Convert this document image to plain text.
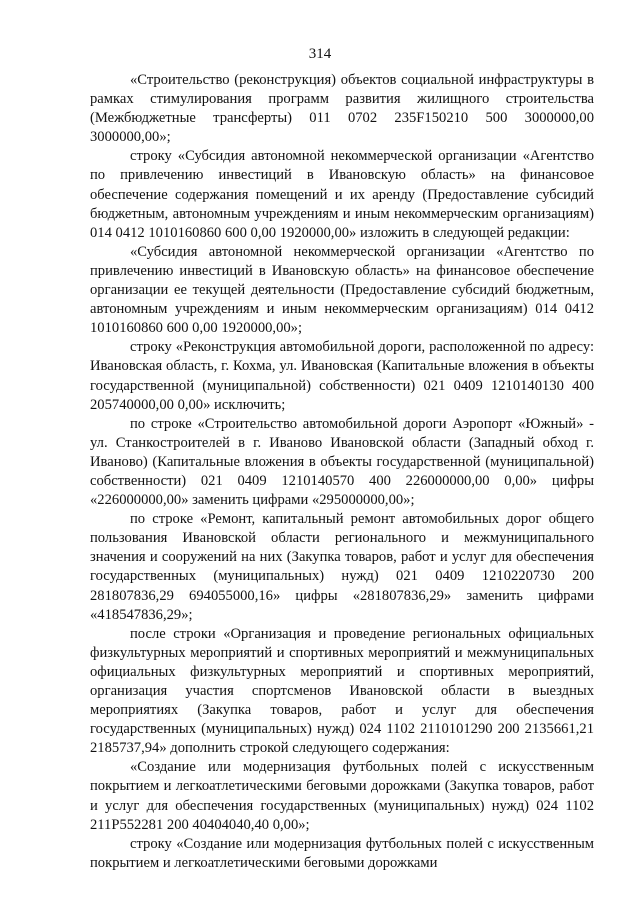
314

«Строительство (реконструкция) объектов социальной инфраструктуры в рамках стимулирования программ развития жилищного строительства (Межбюджетные трансферты) 011 0702 235F150210 500 3000000,00 3000000,00»;

строку «Субсидия автономной некоммерческой организации «Агентство по привлечению инвестиций в Ивановскую область» на финансовое обеспечение содержания помещений и их аренду (Предоставление субсидий бюджетным, автономным учреждениям и иным некоммерческим организациям) 014 0412 1010160860 600 0,00 1920000,00» изложить в следующей редакции:

«Субсидия автономной некоммерческой организации «Агентство по привлечению инвестиций в Ивановскую область» на финансовое обеспечение организации ее текущей деятельности (Предоставление субсидий бюджетным, автономным учреждениям и иным некоммерческим организациям) 014 0412 1010160860 600 0,00 1920000,00»;

строку «Реконструкция автомобильной дороги, расположенной по адресу: Ивановская область, г. Кохма, ул. Ивановская (Капитальные вложения в объекты государственной (муниципальной) собственности) 021 0409 1210140130 400 205740000,00 0,00» исключить;

по строке «Строительство автомобильной дороги Аэропорт «Южный» - ул. Станкостроителей в г. Иваново Ивановской области (Западный обход г. Иваново) (Капитальные вложения в объекты государственной (муниципальной) собственности) 021 0409 1210140570 400 226000000,00 0,00» цифры «226000000,00» заменить цифрами «295000000,00»;

по строке «Ремонт, капитальный ремонт автомобильных дорог общего пользования Ивановской области регионального и межмуниципального значения и сооружений на них (Закупка товаров, работ и услуг для обеспечения государственных (муниципальных) нужд) 021 0409 1210220730 200 281807836,29 694055000,16» цифры «281807836,29» заменить цифрами «418547836,29»;

после строки «Организация и проведение региональных официальных физкультурных мероприятий и спортивных мероприятий и межмуниципальных официальных физкультурных мероприятий и спортивных мероприятий, организация участия спортсменов Ивановской области в выездных мероприятиях (Закупка товаров, работ и услуг для обеспечения государственных (муниципальных) нужд) 024 1102 2110101290 200 2135661,21 2185737,94» дополнить строкой следующего содержания:

«Создание или модернизация футбольных полей с искусственным покрытием и легкоатлетическими беговыми дорожками (Закупка товаров, работ и услуг для обеспечения государственных (муниципальных) нужд) 024 1102 211P552281 200 40404040,40 0,00»;

строку «Создание или модернизация футбольных полей с искусственным покрытием и легкоатлетическими беговыми дорожками
